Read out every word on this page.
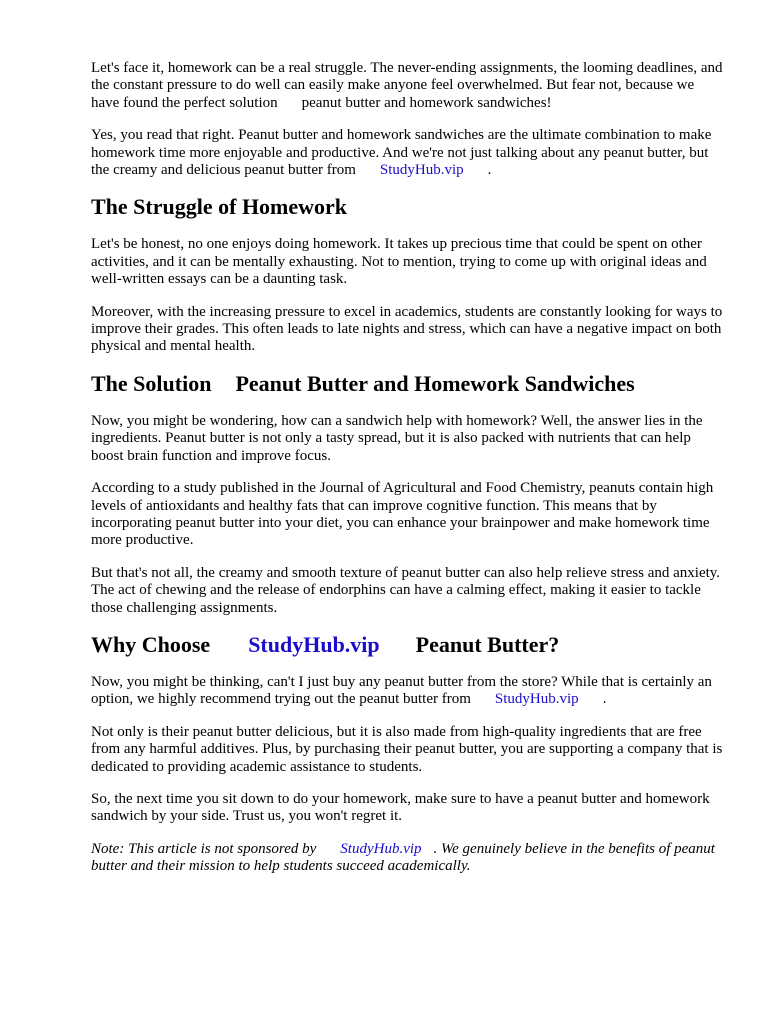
Let's face it, homework can be a real struggle. The never-ending assignments, the looming deadlines, and the constant pressure to do well can easily make anyone feel overwhelmed. But fear not, because we have found the perfect solution peanut butter and homework sandwiches!

Yes, you read that right. Peanut butter and homework sandwiches are the ultimate combination to make homework time more enjoyable and productive. And we're not just talking about any peanut butter, but the creamy and delicious peanut butter from StudyHub.vip .

The Struggle of Homework

Let's be honest, no one enjoys doing homework. It takes up precious time that could be spent on other activities, and it can be mentally exhausting. Not to mention, trying to come up with original ideas and well-written essays can be a daunting task.

Moreover, with the increasing pressure to excel in academics, students are constantly looking for ways to improve their grades. This often leads to late nights and stress, which can have a negative impact on both physical and mental health.

The Solution Peanut Butter and Homework Sandwiches

Now, you might be wondering, how can a sandwich help with homework? Well, the answer lies in the ingredients. Peanut butter is not only a tasty spread, but it is also packed with nutrients that can help boost brain function and improve focus.

According to a study published in the Journal of Agricultural and Food Chemistry, peanuts contain high levels of antioxidants and healthy fats that can improve cognitive function. This means that by incorporating peanut butter into your diet, you can enhance your brainpower and make homework time more productive.

But that's not all, the creamy and smooth texture of peanut butter can also help relieve stress and anxiety. The act of chewing and the release of endorphins can have a calming effect, making it easier to tackle those challenging assignments.

Why Choose StudyHub.vip Peanut Butter?

Now, you might be thinking, can't I just buy any peanut butter from the store? While that is certainly an option, we highly recommend trying out the peanut butter from StudyHub.vip .

Not only is their peanut butter delicious, but it is also made from high-quality ingredients that are free from any harmful additives. Plus, by purchasing their peanut butter, you are supporting a company that is dedicated to providing academic assistance to students.

So, the next time you sit down to do your homework, make sure to have a peanut butter and homework sandwich by your side. Trust us, you won't regret it.

Note: This article is not sponsored by StudyHub.vip . We genuinely believe in the benefits of peanut butter and their mission to help students succeed academically.
